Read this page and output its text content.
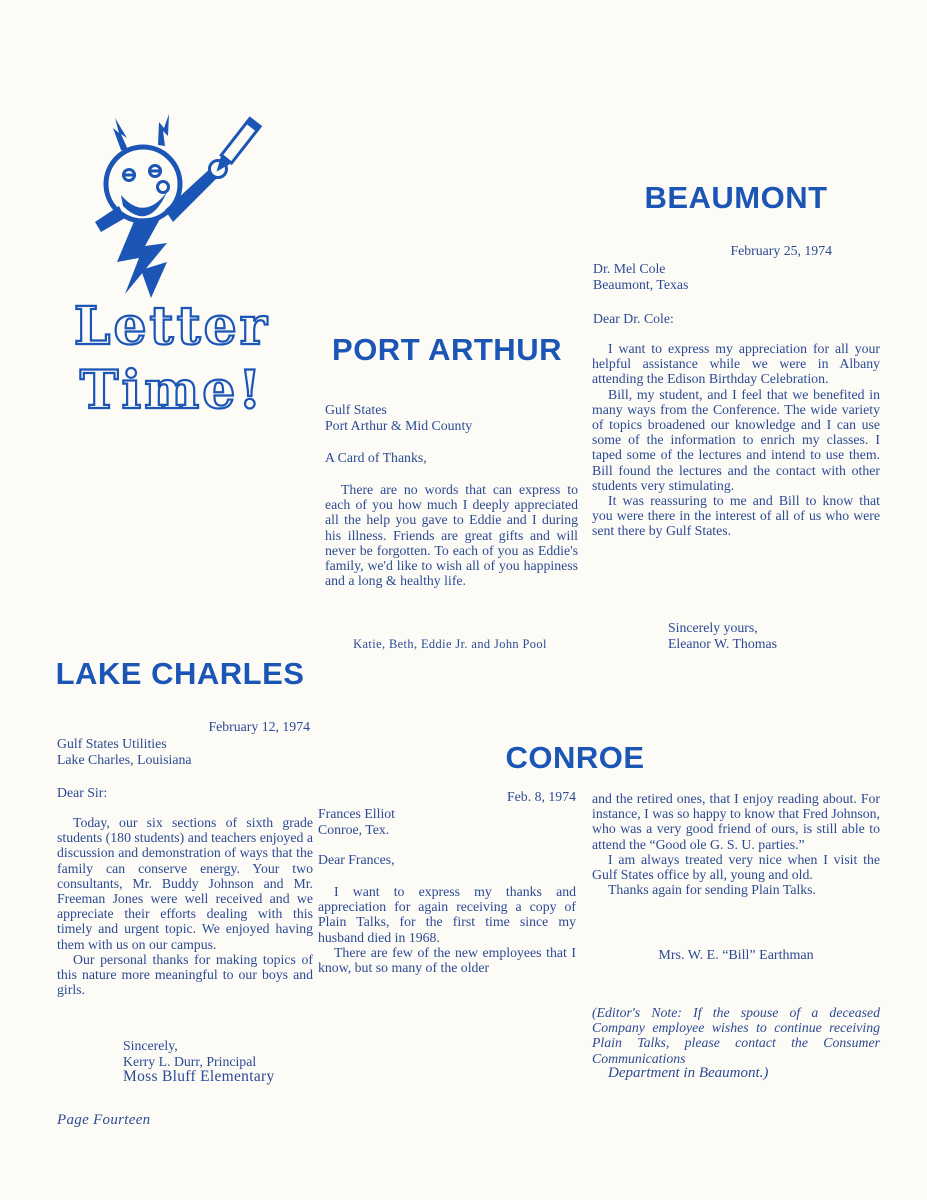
Letter
Time!
BEAUMONT
February 25, 1974
Dr. Mel Cole
Beaumont, Texas
Dear Dr. Cole:

I want to express my appreciation for all your helpful assistance while we were in Albany attending the Edison Birthday Celebration.

Bill, my student, and I feel that we benefited in many ways from the Conference. The wide variety of topics broadened our knowledge and I can use some of the information to enrich my classes. I taped some of the lectures and intend to use them. Bill found the lectures and the contact with other students very stimulating.

It was reassuring to me and Bill to know that you were there in the interest of all of us who were sent there by Gulf States.

Sincerely yours,
Eleanor W. Thomas
PORT ARTHUR
Gulf States
Port Arthur & Mid County
A Card of Thanks,

There are no words that can express to each of you how much I deeply appreciated all the help you gave to Eddie and I during his illness. Friends are great gifts and will never be forgotten. To each of you as Eddie's family, we'd like to wish all of you happiness and a long & healthy life.

Katie, Beth, Eddie Jr. and John Pool
LAKE CHARLES
February 12, 1974
Gulf States Utilities
Lake Charles, Louisiana
Dear Sir:

Today, our six sections of sixth grade students (180 students) and teachers enjoyed a discussion and demonstration of ways that the family can conserve energy. Your two consultants, Mr. Buddy Johnson and Mr. Freeman Jones were well received and we appreciate their efforts dealing with this timely and urgent topic. We enjoyed having them with us on our campus.

Our personal thanks for making topics of this nature more meaningful to our boys and girls.

Sincerely,
Kerry L. Durr, Principal
Moss Bluff Elementary
CONROE
Feb. 8, 1974
Frances Elliot
Conroe, Tex.
Dear Frances,

I want to express my thanks and appreciation for again receiving a copy of Plain Talks, for the first time since my husband died in 1968.

There are few of the new employees that I know, but so many of the older

and the retired ones, that I enjoy reading about. For instance, I was so happy to know that Fred Johnson, who was a very good friend of ours, is still able to attend the “Good ole G. S. U. parties.”

I am always treated very nice when I visit the Gulf States office by all, young and old.

Thanks again for sending Plain Talks.

Mrs. W. E. “Bill” Earthman

(Editor's Note: If the spouse of a deceased Company employee wishes to continue receiving Plain Talks, please contact the Consumer Communications

Department in Beaumont.)

Page Fourteen
